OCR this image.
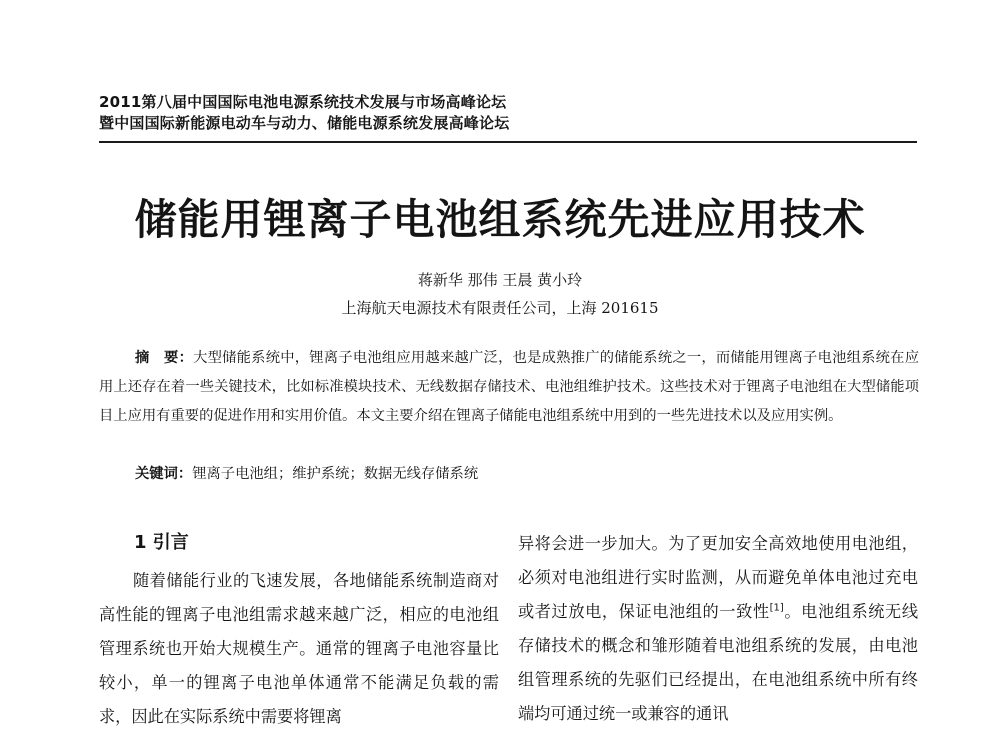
2011第八届中国国际电池电源系统技术发展与市场高峰论坛
暨中国国际新能源电动车与动力、储能电源系统发展高峰论坛
储能用锂离子电池组系统先进应用技术
蒋新华 那伟 王晨 黄小玲
上海航天电源技术有限责任公司，上海 201615
摘　要：大型储能系统中，锂离子电池组应用越来越广泛，也是成熟推广的储能系统之一，而储能用锂离子电池组系统在应用上还存在着一些关键技术，比如标准模块技术、无线数据存储技术、电池组维护技术。这些技术对于锂离子电池组在大型储能项目上应用有重要的促进作用和实用价值。本文主要介绍在锂离子储能电池组系统中用到的一些先进技术以及应用实例。
关键词：锂离子电池组；维护系统；数据无线存储系统
1 引言
随着储能行业的飞速发展，各地储能系统制造商对高性能的锂离子电池组需求越来越广泛，相应的电池组管理系统也开始大规模生产。通常的锂离子电池容量比较小，单一的锂离子电池单体通常不能满足负载的需求，因此在实际系统中需要将锂离
异将会进一步加大。为了更加安全高效地使用电池组，必须对电池组进行实时监测，从而避免单体电池过充电或者过放电，保证电池组的一致性[1]。电池组系统无线存储技术的概念和雏形随着电池组系统的发展，由电池组管理系统的先驱们已经提出，在电池组系统中所有终端均可通过统一或兼容的通讯
